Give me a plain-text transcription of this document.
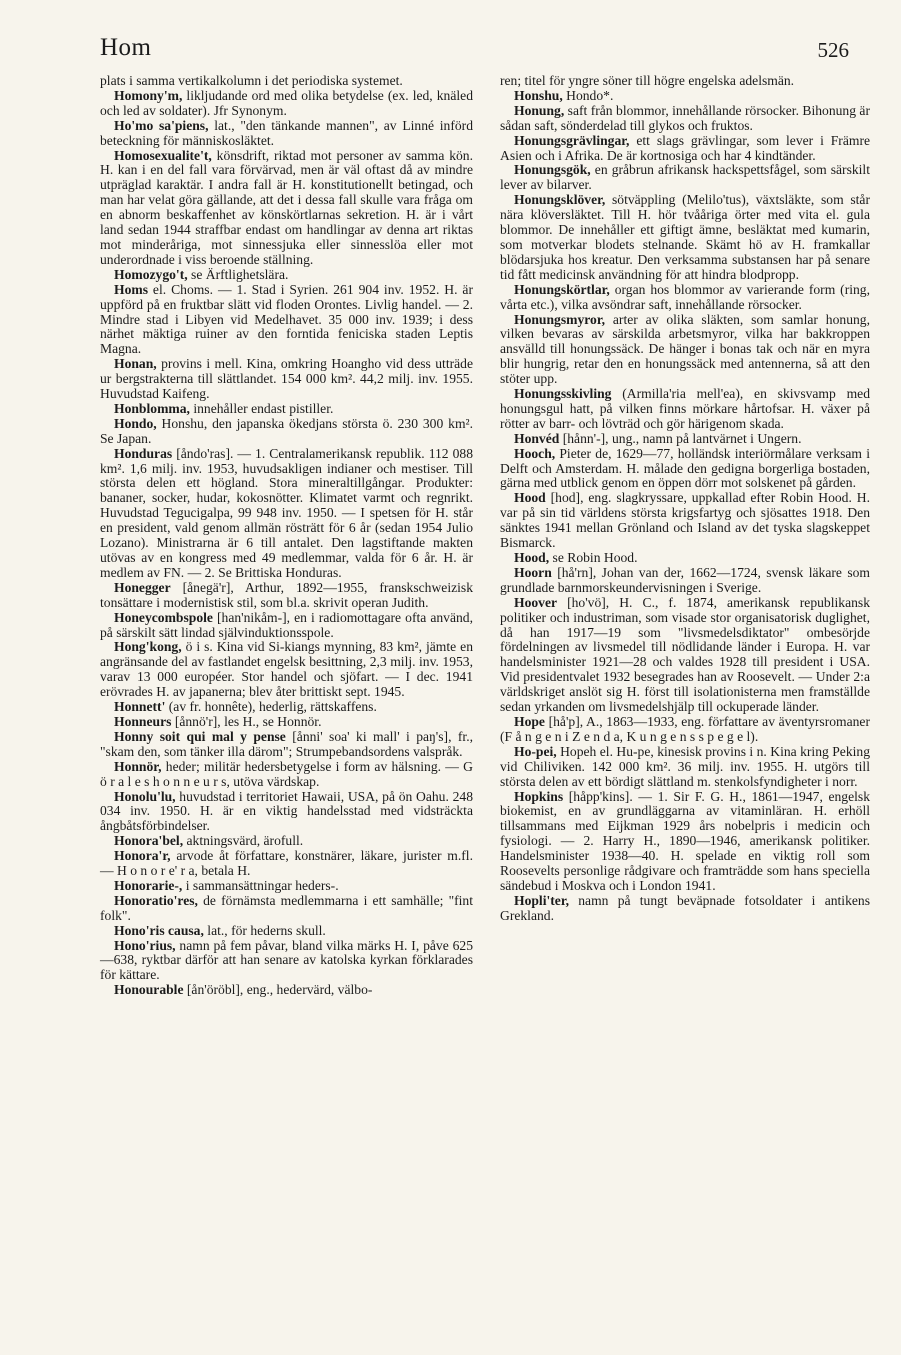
Hom	526

plats i samma vertikalkolumn i det periodiska systemet.

Homony'm, likljudande ord med olika betydelse (ex. led, knäled och led av soldater). Jfr Synonym.

Ho'mo sa'piens, lat., "den tänkande mannen", av Linné införd beteckning för människosläktet.

Homosexualite't, könsdrift, riktad mot personer av samma kön. H. kan i en del fall vara förvärvad, men är väl oftast då av mindre utpräglad karaktär. I andra fall är H. konstitutionellt betingad, och man har velat göra gällande, att det i dessa fall skulle vara fråga om en abnorm beskaffenhet av könskörtlarnas sekretion. H. är i vårt land sedan 1944 straffbar endast om handlingar av denna art riktas mot minderåriga, mot sinnessjuka eller sinnesslöa eller mot underordnade i viss beroende ställning.

Homozygo't, se Ärftlighetslära.

Homs el. Choms. — 1. Stad i Syrien. 261 904 inv. 1952. H. är uppförd på en fruktbar slätt vid floden Orontes. Livlig handel. — 2. Mindre stad i Libyen vid Medelhavet. 35 000 inv. 1939; i dess närhet mäktiga ruiner av den forntida feniciska staden Leptis Magna.

Honan, provins i mell. Kina, omkring Hoangho vid dess utträde ur bergstrakterna till slättlandet. 154 000 km². 44,2 milj. inv. 1955. Huvudstad Kaifeng.

Honblomma, innehåller endast pistiller.

Hondo, Honshu, den japanska ökedjans största ö. 230 300 km². Se Japan.

Honduras [åndo'ras]. — 1. Centralamerikansk republik. 112 088 km². 1,6 milj. inv. 1953, huvudsakligen indianer och mestiser. Till största delen ett högland. Stora mineraltillgångar. Produkter: bananer, socker, hudar, kokosnötter. Klimatet varmt och regnrikt. Huvudstad Tegucigalpa, 99 948 inv. 1950. — I spetsen för H. står en president, vald genom allmän rösträtt för 6 år (sedan 1954 Julio Lozano). Ministrarna är 6 till antalet. Den lagstiftande makten utövas av en kongress med 49 medlemmar, valda för 6 år. H. är medlem av FN. — 2. Se Brittiska Honduras.

Honegger [ånegä'r], Arthur, 1892—1955, franskschweizisk tonsättare i modernistisk stil, som bl.a. skrivit operan Judith.

Honeycombspole [han'nikåm-], en i radiomottagare ofta använd, på särskilt sätt lindad självinduktionsspole.

Hong'kong, ö i s. Kina vid Si-kiangs mynning, 83 km², jämte en angränsande del av fastlandet engelsk besittning, 2,3 milj. inv. 1953, varav 13 000 européer. Stor handel och sjöfart. — I dec. 1941 erövrades H. av japanerna; blev åter brittiskt sept. 1945.

Honnett' (av fr. honnête), hederlig, rättskaffens.

Honneurs [ånnö'r], les H., se Honnör.

Honny soit qui mal y pense [ånni' soa' ki mall' i paŋ's], fr., "skam den, som tänker illa därom"; Strumpebandsordens valspråk.

Honnör, heder; militär hedersbetygelse i form av hälsning. — G ö r a l e s h o n n e u r s, utöva värdskap.

Honolu'lu, huvudstad i territoriet Hawaii, USA, på ön Oahu. 248 034 inv. 1950. H. är en viktig handelsstad med vidsträckta ångbåtsförbindelser.

Honora'bel, aktningsvärd, ärofull.

Honora'r, arvode åt författare, konstnärer, läkare, jurister m.fl. — H o n o r e' r a, betala H.

Honorarie-, i sammansättningar heders-.

Honoratio'res, de förnämsta medlemmarna i ett samhälle; "fint folk".

Hono'ris causa, lat., för hederns skull.

Hono'rius, namn på fem påvar, bland vilka märks H. I, påve 625—638, ryktbar därför att han senare av katolska kyrkan förklarades för kättare.

Honourable [ån'öröbl], eng., hedervärd, välbo-

ren; titel för yngre söner till högre engelska adelsmän.

Honshu, Hondo*.

Honung, saft från blommor, innehållande rörsocker. Bihonung är sådan saft, sönderdelad till glykos och fruktos.

Honungsgrävlingar, ett slags grävlingar, som lever i Främre Asien och i Afrika. De är kortnosiga och har 4 kindtänder.

Honungsgök, en gråbrun afrikansk hackspettsfågel, som särskilt lever av bilarver.

Honungsklöver, sötväppling (Melilo'tus), växtsläkte, som står nära klöversläktet. Till H. hör tvååriga örter med vita el. gula blommor. De innehåller ett giftigt ämne, besläktat med kumarin, som motverkar blodets stelnande. Skämt hö av H. framkallar blödarsjuka hos kreatur. Den verksamma substansen har på senare tid fått medicinsk användning för att hindra blodpropp.

Honungskörtlar, organ hos blommor av varierande form (ring, vårta etc.), vilka avsöndrar saft, innehållande rörsocker.

Honungsmyror, arter av olika släkten, som samlar honung, vilken bevaras av särskilda arbetsmyror, vilka har bakkroppen ansvälld till honungssäck. De hänger i bonas tak och när en myra blir hungrig, retar den en honungssäck med antennerna, så att den stöter upp.

Honungsskivling (Armilla'ria mell'ea), en skivsvamp med honungsgul hatt, på vilken finns mörkare hårtofsar. H. växer på rötter av barr- och lövträd och gör härigenom skada.

Honvéd [hånn'-], ung., namn på lantvärnet i Ungern.

Hooch, Pieter de, 1629—77, holländsk interiörmålare verksam i Delft och Amsterdam. H. målade den gedigna borgerliga bostaden, gärna med utblick genom en öppen dörr mot solskenet på gården.

Hood [hod], eng. slagkryssare, uppkallad efter Robin Hood. H. var på sin tid världens största krigsfartyg och sjösattes 1918. Den sänktes 1941 mellan Grönland och Island av det tyska slagskeppet Bismarck.

Hood, se Robin Hood.

Hoorn [hå'rn], Johan van der, 1662—1724, svensk läkare som grundlade barnmorskeundervisningen i Sverige.

Hoover [ho'vö], H. C., f. 1874, amerikansk republikansk politiker och industriman, som visade stor organisatorisk duglighet, då han 1917—19 som "livsmedelsdiktator" ombesörjde fördelningen av livsmedel till nödlidande länder i Europa. H. var handelsminister 1921—28 och valdes 1928 till president i USA. Vid presidentvalet 1932 besegrades han av Roosevelt. — Under 2:a världskriget anslöt sig H. först till isolationisterna men framställde sedan yrkanden om livsmedelshjälp till ockuperade länder.

Hope [hå'p], A., 1863—1933, eng. författare av äventyrsromaner (F å n g e n i Z e n d a, K u n g e n s s p e g e l).

Ho-pei, Hopeh el. Hu-pe, kinesisk provins i n. Kina kring Peking vid Chiliviken. 142 000 km². 36 milj. inv. 1955. H. utgörs till största delen av ett bördigt slättland m. stenkolsfyndigheter i norr.

Hopkins [håpp'kins]. — 1. Sir F. G. H., 1861—1947, engelsk biokemist, en av grundläggarna av vitaminläran. H. erhöll tillsammans med Eijkman 1929 års nobelpris i medicin och fysiologi. — 2. Harry H., 1890—1946, amerikansk politiker. Handelsminister 1938—40. H. spelade en viktig roll som Roosevelts personlige rådgivare och framträdde som hans speciella sändebud i Moskva och i London 1941.

Hopli'ter, namn på tungt beväpnade fotsoldater i antikens Grekland.
